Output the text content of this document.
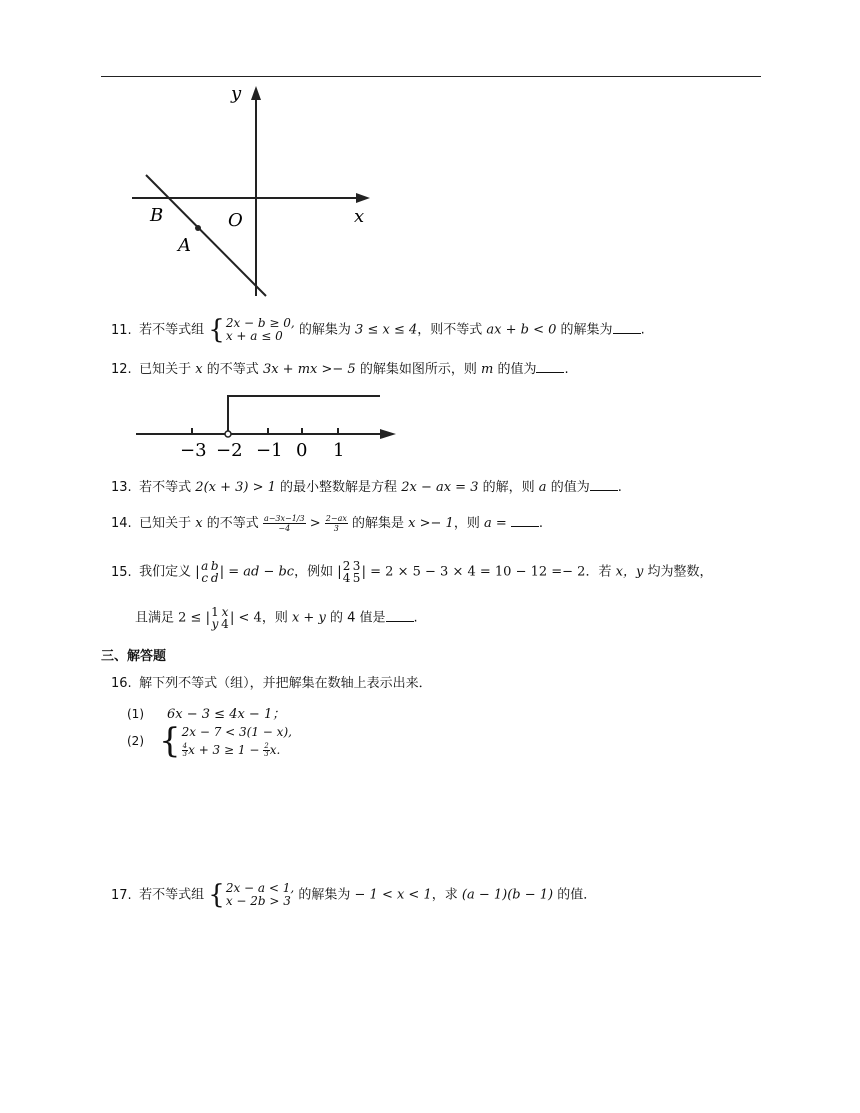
y
x
O
B
A
11. 若不等式组 {2x − b ≥ 0,
x + a ≤ 0 的解集为 3 ≤ x ≤ 4，则不等式 ax + b < 0 的解集为 .
12. 已知关于 x 的不等式 3x + mx >− 5 的解集如图所示，则 m 的值为 .
−3 −2 −1 0 1
13. 若不等式 2(x + 3) > 1 的最小整数解是方程 2x − ax = 3 的解，则 a 的值为 .
14. 已知关于 x 的不等式 $\frac{a-3x-1/3}{-4} > \frac{2-ax}{3}$ 的解集是 x >− 1，则 a = .
15. 我们定义 |a b
c d| = ad − bc，例如 |2 3
4 5| = 2 × 5 − 3 × 4 = 10 − 12 =− 2．若 x，y 均为整数，
且满足 2 ≤ |1 x
y 4| < 4，则 x + y 的 4 值是 .
三、解答题
16. 解下列不等式（组），并把解集在数轴上表示出来．
(1) 6x − 3 ≤ 4x − 1；
(2) {2x − 7 < 3(1 − x),

$\frac{4}{3}$ $x + 3 \ge 1 - \frac{2}{3} x$.
17. 若不等式组 {2x − a < 1,
x − 2b > 3 的解集为 − 1 < x < 1，求 (a − 1)(b − 1) 的值．
